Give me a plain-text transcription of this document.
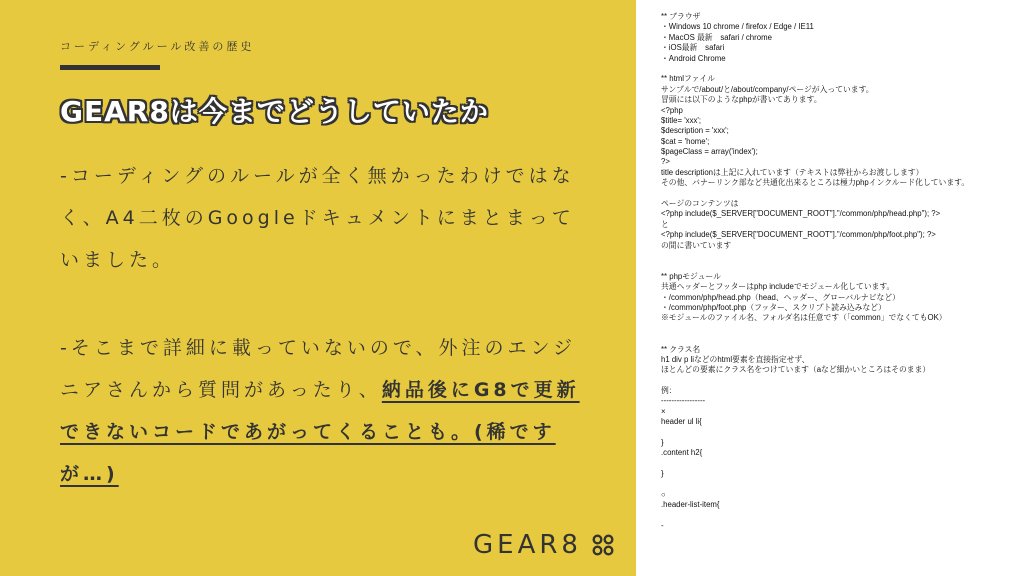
コーディングルール改善の歴史
GEAR8は今までどうしていたか

-コーディングのルールが全く無かったわけではなく、A4二枚のGoogleドキュメントにまとまっていました。

-そこまで詳細に載っていないので、外注のエンジニアさんから質問があったり、納品後にG8で更新できないコードであがってくることも。(稀ですが…)

GEAR8
** ブラウザ
・Windows 10 chrome / firefox / Edge / IE11
・MacOS 最新　safari / chrome
・iOS最新　safari
・Android Chrome
** htmlファイル
サンプルで/about/と/about/company/ページが入っています。
冒頭には以下のようなphpが書いてあります。
<?php
$title= 'xxx';
$description = 'xxx';
$cat = 'home';
$pageClass = array('index');
?>
title descriptionは上記に入れています（テキストは弊社からお渡しします）
その他、バナーリンク部など共通化出来るところは極力phpインクルード化しています。
ページのコンテンツは
<?php include($_SERVER["DOCUMENT_ROOT"]."/common/php/head.php"); ?>
と
<?php include($_SERVER["DOCUMENT_ROOT"]."/common/php/foot.php"); ?>
の間に書いています
** phpモジュール
共通ヘッダーとフッターはphp includeでモジュール化しています。
・/common/php/head.php（head、ヘッダー、グローバルナビなど）
・/common/php/foot.php（フッター、スクリプト読み込みなど）
※モジュールのファイル名、フォルダ名は任意です（「common」でなくてもOK）
** クラス名
h1 div p liなどのhtml要素を直接指定せず、
ほとんどの要素にクラス名をつけています（aなど細かいところはそのまま）
例：
-----------------
×
header ul li{
}
.content h2{
}
○
.header-list-item{
-
